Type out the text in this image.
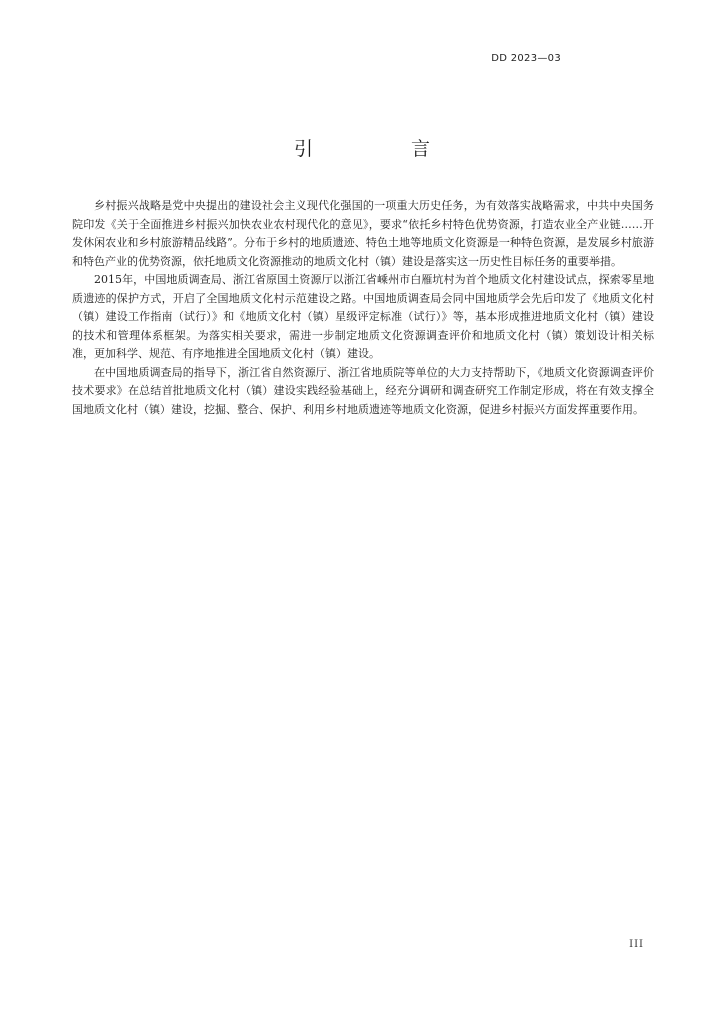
DD 2023—03
引 言

乡村振兴战略是党中央提出的建设社会主义现代化强国的一项重大历史任务，为有效落实战略需求，中共中央国务院印发《关于全面推进乡村振兴加快农业农村现代化的意见》，要求“依托乡村特色优势资源，打造农业全产业链……开发休闲农业和乡村旅游精品线路”。分布于乡村的地质遗迹、特色土地等地质文化资源是一种特色资源，是发展乡村旅游和特色产业的优势资源，依托地质文化资源推动的地质文化村（镇）建设是落实这一历史性目标任务的重要举措。

2015年，中国地质调查局、浙江省原国土资源厅以浙江省嵊州市白雁坑村为首个地质文化村建设试点，探索零星地质遗迹的保护方式，开启了全国地质文化村示范建设之路。中国地质调查局会同中国地质学会先后印发了《地质文化村（镇）建设工作指南（试行）》和《地质文化村（镇）星级评定标准（试行）》等，基本形成推进地质文化村（镇）建设的技术和管理体系框架。为落实相关要求，需进一步制定地质文化资源调查评价和地质文化村（镇）策划设计相关标准，更加科学、规范、有序地推进全国地质文化村（镇）建设。

在中国地质调查局的指导下，浙江省自然资源厅、浙江省地质院等单位的大力支持帮助下，《地质文化资源调查评价技术要求》在总结首批地质文化村（镇）建设实践经验基础上，经充分调研和调查研究工作制定形成，将在有效支撑全国地质文化村（镇）建设，挖掘、整合、保护、利用乡村地质遗迹等地质文化资源，促进乡村振兴方面发挥重要作用。

III
